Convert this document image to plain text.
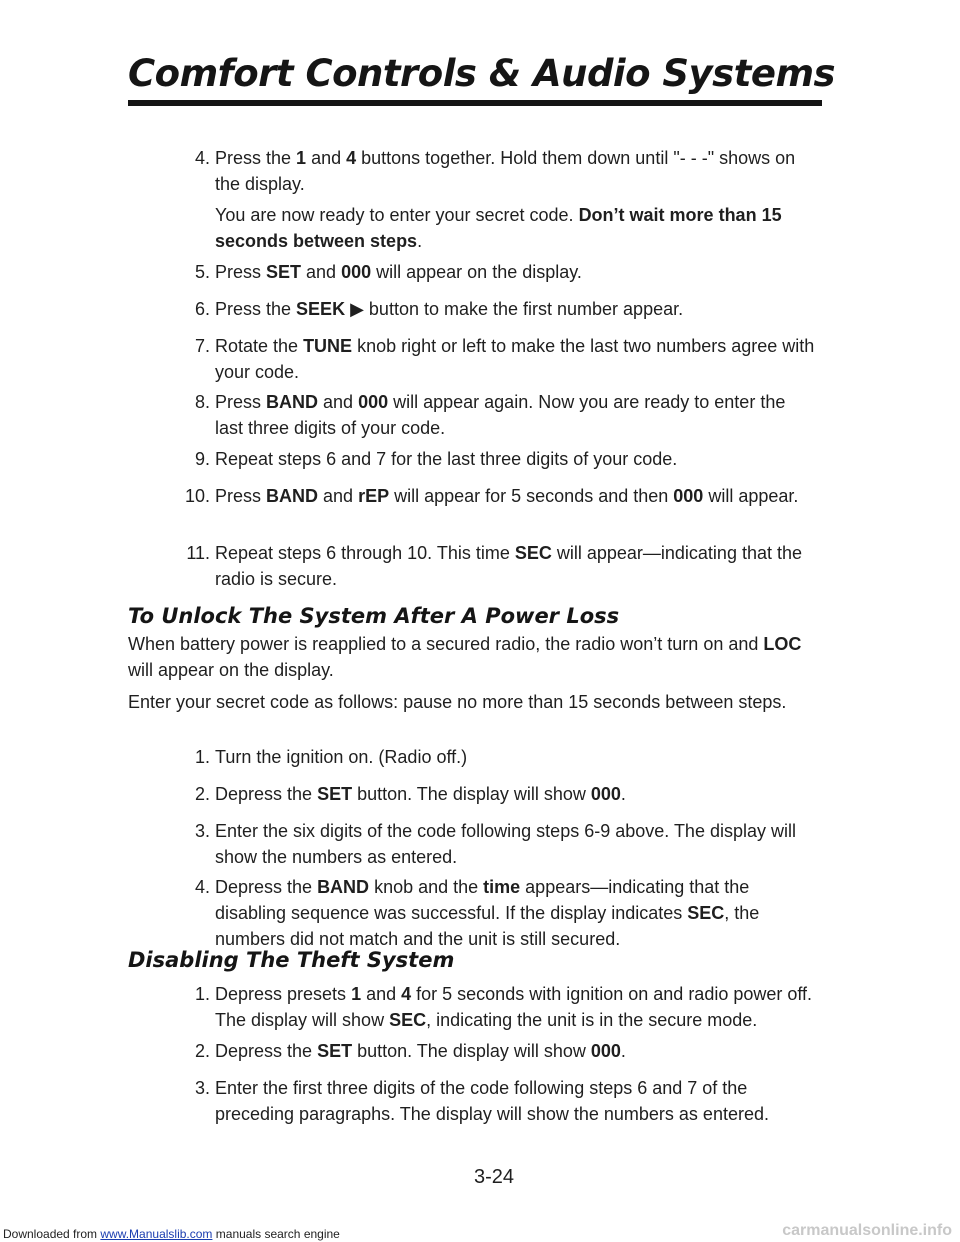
Comfort Controls & Audio Systems
4. Press the 1 and 4 buttons together. Hold them down until "- - -" shows on the display.

You are now ready to enter your secret code. Don’t wait more than 15 seconds between steps.

5. Press SET and 000 will appear on the display.

6. Press the SEEK ▶ button to make the first number appear.

7. Rotate the TUNE knob right or left to make the last two numbers agree with your code.

8. Press BAND and 000 will appear again. Now you are ready to enter the last three digits of your code.

9. Repeat steps 6 and 7 for the last three digits of your code.

10. Press BAND and rEP will appear for 5 seconds and then 000 will appear.

11. Repeat steps 6 through 10. This time SEC will appear—indicating that the radio is secure.

To Unlock The System After A Power Loss

When battery power is reapplied to a secured radio, the radio won’t turn on and LOC will appear on the display.

Enter your secret code as follows: pause no more than 15 seconds between steps.

1. Turn the ignition on. (Radio off.)

2. Depress the SET button. The display will show 000.

3. Enter the six digits of the code following steps 6-9 above. The display will show the numbers as entered.

4. Depress the BAND knob and the time appears—indicating that the disabling sequence was successful. If the display indicates SEC, the numbers did not match and the unit is still secured.

Disabling The Theft System
1. Depress presets 1 and 4 for 5 seconds with ignition on and radio power off. The display will show SEC, indicating the unit is in the secure mode.

2. Depress the SET button. The display will show 000.

3. Enter the first three digits of the code following steps 6 and 7 of the preceding paragraphs. The display will show the numbers as entered.

3-24
Downloaded from www.Manualslib.com manuals search engine	carmanualsonline.info
